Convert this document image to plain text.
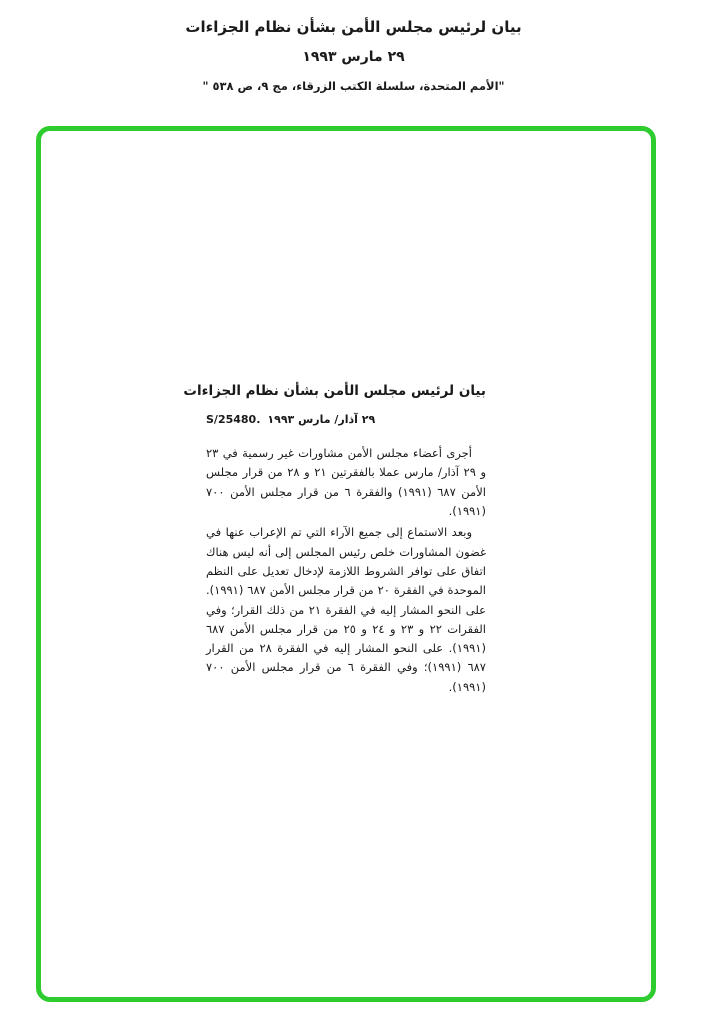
بيان لرئيس مجلس الأمن بشأن نظام الجزاءات
٢٩ مارس ١٩٩٣
"الأمم المتحدة، سلسلة الكتب الزرقاء، مج ٩، ص ٥٣٨ "
بيان لرئيس مجلس الأمن بشأن نظام الجزاءات
S/25480. ٢٩ آذار/ مارس ١٩٩٣

أجرى أعضاء مجلس الأمن مشاورات غير رسمية في ٢٣ و ٢٩ آذار/ مارس عملا بالفقرتين ٢١ و ٢٨ من قرار مجلس الأمن ٦٨٧ (١٩٩١) والفقرة ٦ من قرار مجلس الأمن ٧٠٠ (١٩٩١).

وبعد الاستماع إلى جميع الآراء التي تم الإعراب عنها في غضون المشاورات خلص رئيس المجلس إلى أنه ليس هناك اتفاق على توافر الشروط اللازمة لإدخال تعديل على النظم الموحدة في الفقرة ٢٠ من قرار مجلس الأمن ٦٨٧ (١٩٩١). على النحو المشار إليه في الفقرة ٢١ من ذلك القرار؛ وفي الفقرات ٢٢ و ٢٣ و ٢٤ و ٢٥ من قرار مجلس الأمن ٦٨٧ (١٩٩١). على النحو المشار إليه في الفقرة ٢٨ من القرار ٦٨٧ (١٩٩١)؛ وفي الفقرة ٦ من قرار مجلس الأمن ٧٠٠ (١٩٩١).
